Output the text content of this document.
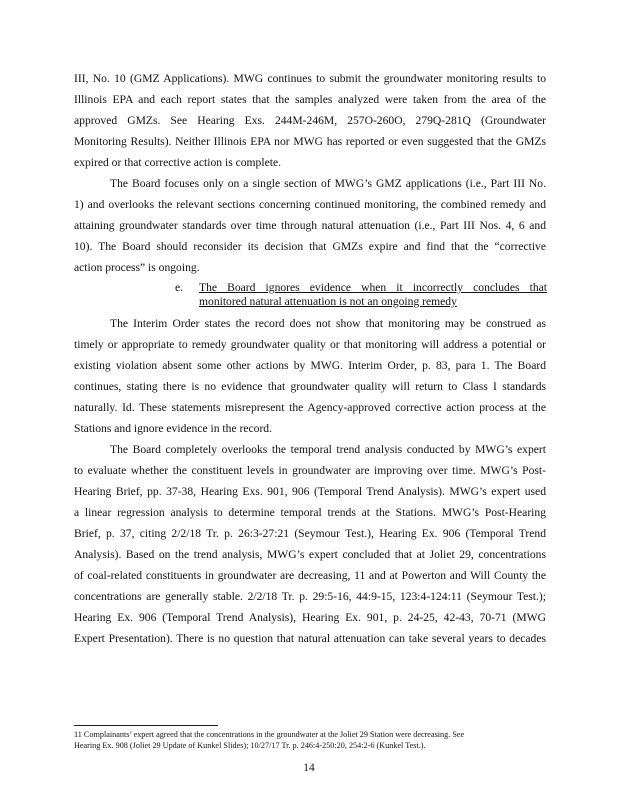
III, No. 10 (GMZ Applications). MWG continues to submit the groundwater monitoring results to
Illinois EPA and each report states that the samples analyzed were taken from the area of the
approved GMZs. See Hearing Exs. 244M-246M, 257O-260O, 279Q-281Q (Groundwater
Monitoring Results). Neither Illinois EPA nor MWG has reported or even suggested that the GMZs
expired or that corrective action is complete.
The Board focuses only on a single section of MWG’s GMZ applications (i.e., Part III No.
1) and overlooks the relevant sections concerning continued monitoring, the combined remedy and
attaining groundwater standards over time through natural attenuation (i.e., Part III Nos. 4, 6 and
10). The Board should reconsider its decision that GMZs expire and find that the “corrective
action process” is ongoing.
e.	The Board ignores evidence when it incorrectly concludes that
monitored natural attenuation is not an ongoing remedy
The Interim Order states the record does not show that monitoring may be construed as
timely or appropriate to remedy groundwater quality or that monitoring will address a potential or
existing violation absent some other actions by MWG. Interim Order, p. 83, para 1. The Board
continues, stating there is no evidence that groundwater quality will return to Class I standards
naturally. Id. These statements misrepresent the Agency-approved corrective action process at the
Stations and ignore evidence in the record.
The Board completely overlooks the temporal trend analysis conducted by MWG’s expert
to evaluate whether the constituent levels in groundwater are improving over time. MWG’s Post-
Hearing Brief, pp. 37-38, Hearing Exs. 901, 906 (Temporal Trend Analysis). MWG’s expert used
a linear regression analysis to determine temporal trends at the Stations. MWG’s Post-Hearing
Brief, p. 37, citing 2/2/18 Tr. p. 26:3-27:21 (Seymour Test.), Hearing Ex. 906 (Temporal Trend
Analysis). Based on the trend analysis, MWG’s expert concluded that at Joliet 29, concentrations
of coal-related constituents in groundwater are decreasing, 11 and at Powerton and Will County the
concentrations are generally stable. 2/2/18 Tr. p. 29:5-16, 44:9-15, 123:4-124:11 (Seymour Test.);
Hearing Ex. 906 (Temporal Trend Analysis), Hearing Ex. 901, p. 24-25, 42-43, 70-71 (MWG
Expert Presentation). There is no question that natural attenuation can take several years to decades
11 Complainants’ expert agreed that the concentrations in the groundwater at the Joliet 29 Station were decreasing. See
Hearing Ex. 908 (Joliet 29 Update of Kunkel Slides); 10/27/17 Tr. p. 246:4-250:20, 254:2-6 (Kunkel Test.).
14
